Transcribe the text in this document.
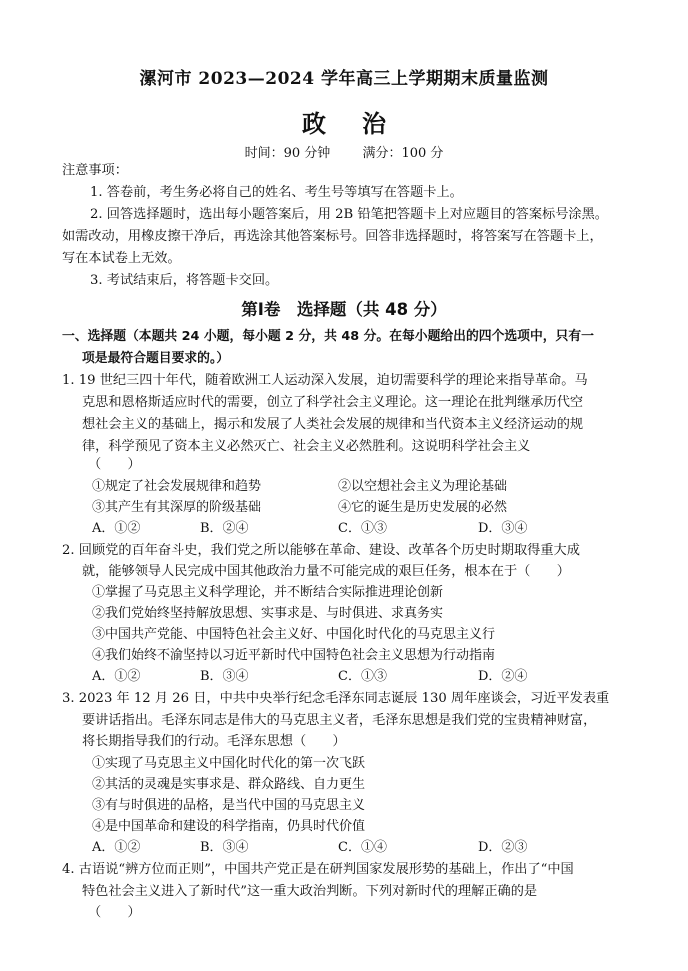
漯河市 2023—2024 学年高三上学期期末质量监测
政治
时间：90 分钟 满分：100 分
注意事项：
1. 答卷前，考生务必将自己的姓名、考生号等填写在答题卡上。
2. 回答选择题时，选出每小题答案后，用 2B 铅笔把答题卡上对应题目的答案标号涂黑。
如需改动，用橡皮擦干净后，再选涂其他答案标号。回答非选择题时，将答案写在答题卡上，
写在本试卷上无效。
3. 考试结束后，将答题卡交回。
第Ⅰ卷　选择题（共 48 分）
一、选择题（本题共 24 小题，每小题 2 分，共 48 分。在每小题给出的四个选项中，只有一
项是最符合题目要求的。）
1. 19 世纪三四十年代，随着欧洲工人运动深入发展，迫切需要科学的理论来指导革命。马
克思和恩格斯适应时代的需要，创立了科学社会主义理论。这一理论在批判继承历代空
想社会主义的基础上，揭示和发展了人类社会发展的规律和当代资本主义经济运动的规
律，科学预见了资本主义必然灭亡、社会主义必然胜利。这说明科学社会主义
（　　）
①规定了社会发展规律和趋势	②以空想社会主义为理论基础
③其产生有其深厚的阶级基础	④它的诞生是历史发展的必然
A．①②	B．②④	C．①③	D．③④
2. 回顾党的百年奋斗史，我们党之所以能够在革命、建设、改革各个历史时期取得重大成
就，能够领导人民完成中国其他政治力量不可能完成的艰巨任务，根本在于（　　）
①掌握了马克思主义科学理论，并不断结合实际推进理论创新
②我们党始终坚持解放思想、实事求是、与时俱进、求真务实
③中国共产党能、中国特色社会主义好、中国化时代化的马克思主义行
④我们始终不渝坚持以习近平新时代中国特色社会主义思想为行动指南
A．①②	B．③④	C．①③	D．②④
3. 2023 年 12 月 26 日，中共中央举行纪念毛泽东同志诞辰 130 周年座谈会，习近平发表重
要讲话指出。毛泽东同志是伟大的马克思主义者，毛泽东思想是我们党的宝贵精神财富，
将长期指导我们的行动。毛泽东思想（　　）
①实现了马克思主义中国化时代化的第一次飞跃
②其活的灵魂是实事求是、群众路线、自力更生
③有与时俱进的品格，是当代中国的马克思主义
④是中国革命和建设的科学指南，仍具时代价值
A．①②	B．③④	C．①④	D．②③
4. 古语说“辨方位而正则”，中国共产党正是在研判国家发展形势的基础上，作出了“中国
特色社会主义进入了新时代”这一重大政治判断。下列对新时代的理解正确的是
（　　）
